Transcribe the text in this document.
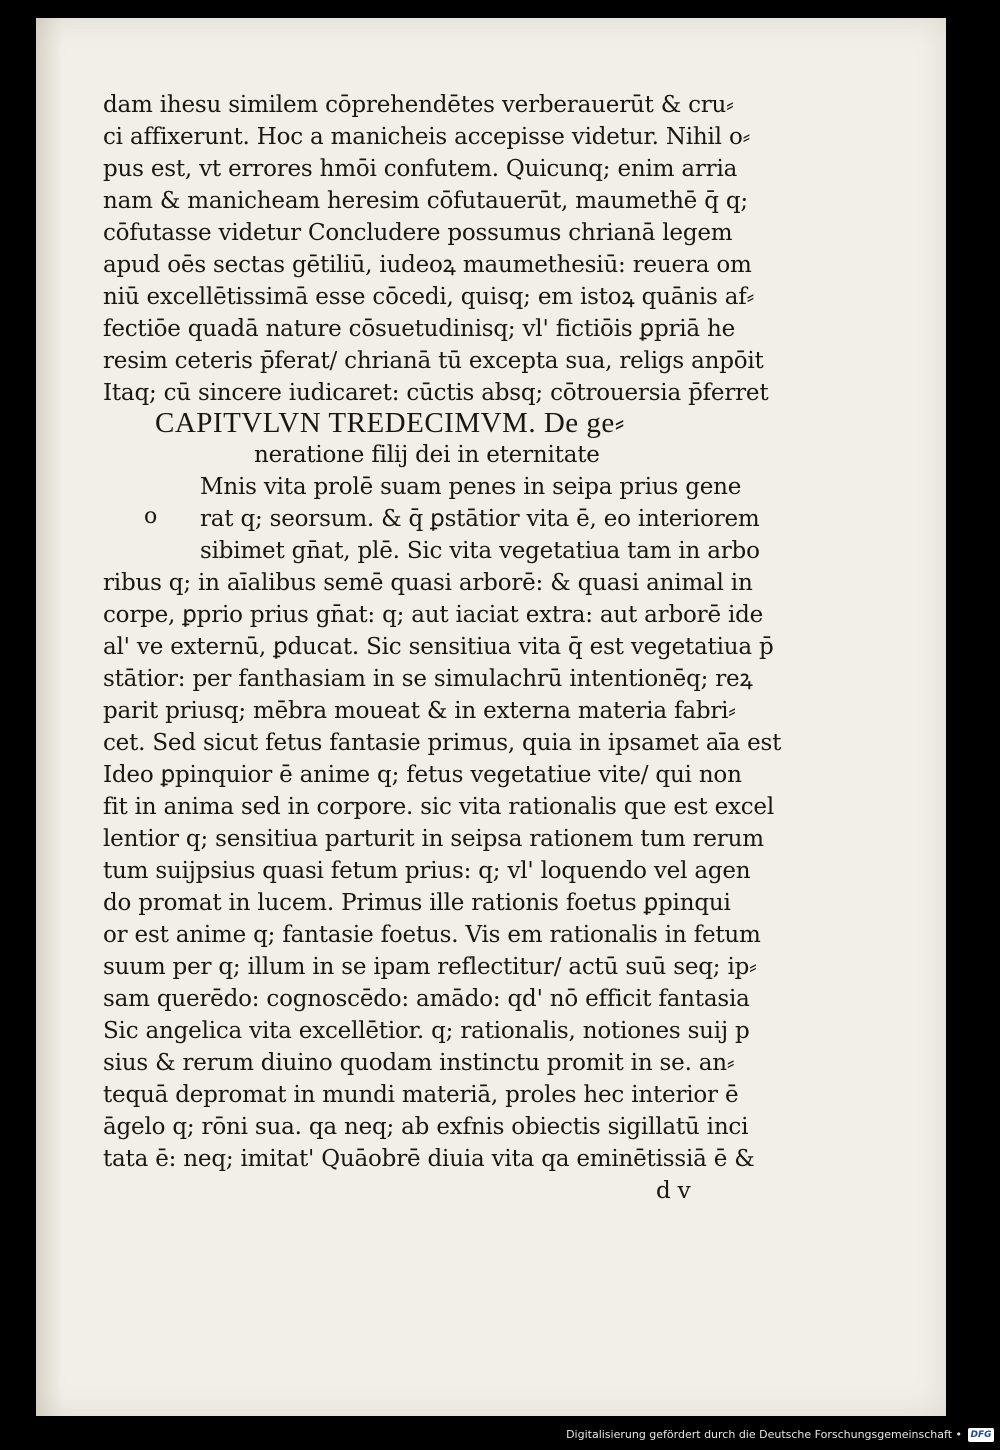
dam ihesu similem cōprehendētes verberauerūt & cru⸗
ci affixerunt. Hoc a manicheis accepisse videtur. Nihil o⸗
pus est, vt errores hmōi confutem. Quicunq; enim arria
nam & manicheam heresim cōfutauerūt, maumethē q̄ q;
cōfutasse videtur Concludere possumus chrianā legem
apud oēs sectas gētiliū, iudeoꝝ maumethesiū: reuera om
niū excellētissimā esse cōcedi, quisq; em istoꝝ quānis af⸗
fectiōe quadā nature cōsuetudinisq; vl' fictiōis ꝑpriā he
resim ceteris p̄ferat/ chrianā tū excepta sua, religs anpōit
Itaq; cū sincere iudicaret: cūctis absq; cōtrouersia p̄ferret
CAPITVLVN TREDECIMVM. De ge⸗
neratione filij dei in eternitate
Mnis vita prolē suam penes in seipa prius gene
rat q; seorsum. & q̄ ꝑstātior vita ē, eo interiorem
sibimet gn̄at, plē. Sic vita vegetatiua tam in arbo
ribus q; in aīalibus semē quasi arborē: & quasi animal in
corpe, ꝑprio prius gn̄at: q; aut iaciat extra: aut arborē ide
al' ve externū, ꝑducat. Sic sensitiua vita q̄ est vegetatiua p̄
stātior: per fanthasiam in se simulachrū intentionēq; reꝝ
parit priusq; mēbra moueat & in externa materia fabri⸗
cet. Sed sicut fetus fantasie primus, quia in ipsamet aīa est
Ideo ꝑpinquior ē anime q; fetus vegetatiue vite/ qui non
fit in anima sed in corpore. sic vita rationalis que est excel
lentior q; sensitiua parturit in seipsa rationem tum rerum
tum suijpsius quasi fetum prius: q; vl' loquendo vel agen
do promat in lucem. Primus ille rationis foetus ꝑpinqui
or est anime q; fantasie foetus. Vis em rationalis in fetum
suum per q; illum in se ipam reflectitur/ actū suū seq; ip⸗
sam querēdo: cognoscēdo: amādo: qd' nō efficit fantasia
Sic angelica vita excellētior. q; rationalis, notiones suij p
sius & rerum diuino quodam instinctu promit in se. an⸗
tequā depromat in mundi materiā, proles hec interior ē
āgelo q; rōni sua. qa neq; ab exfnis obiectis sigillatū inci
tata ē: neq; imitat' Quāobrē diuia vita qa eminētissiā ē &
o
d v
Digitalisierung gefördert durch die Deutsche Forschungsgemeinschaft • DFG
